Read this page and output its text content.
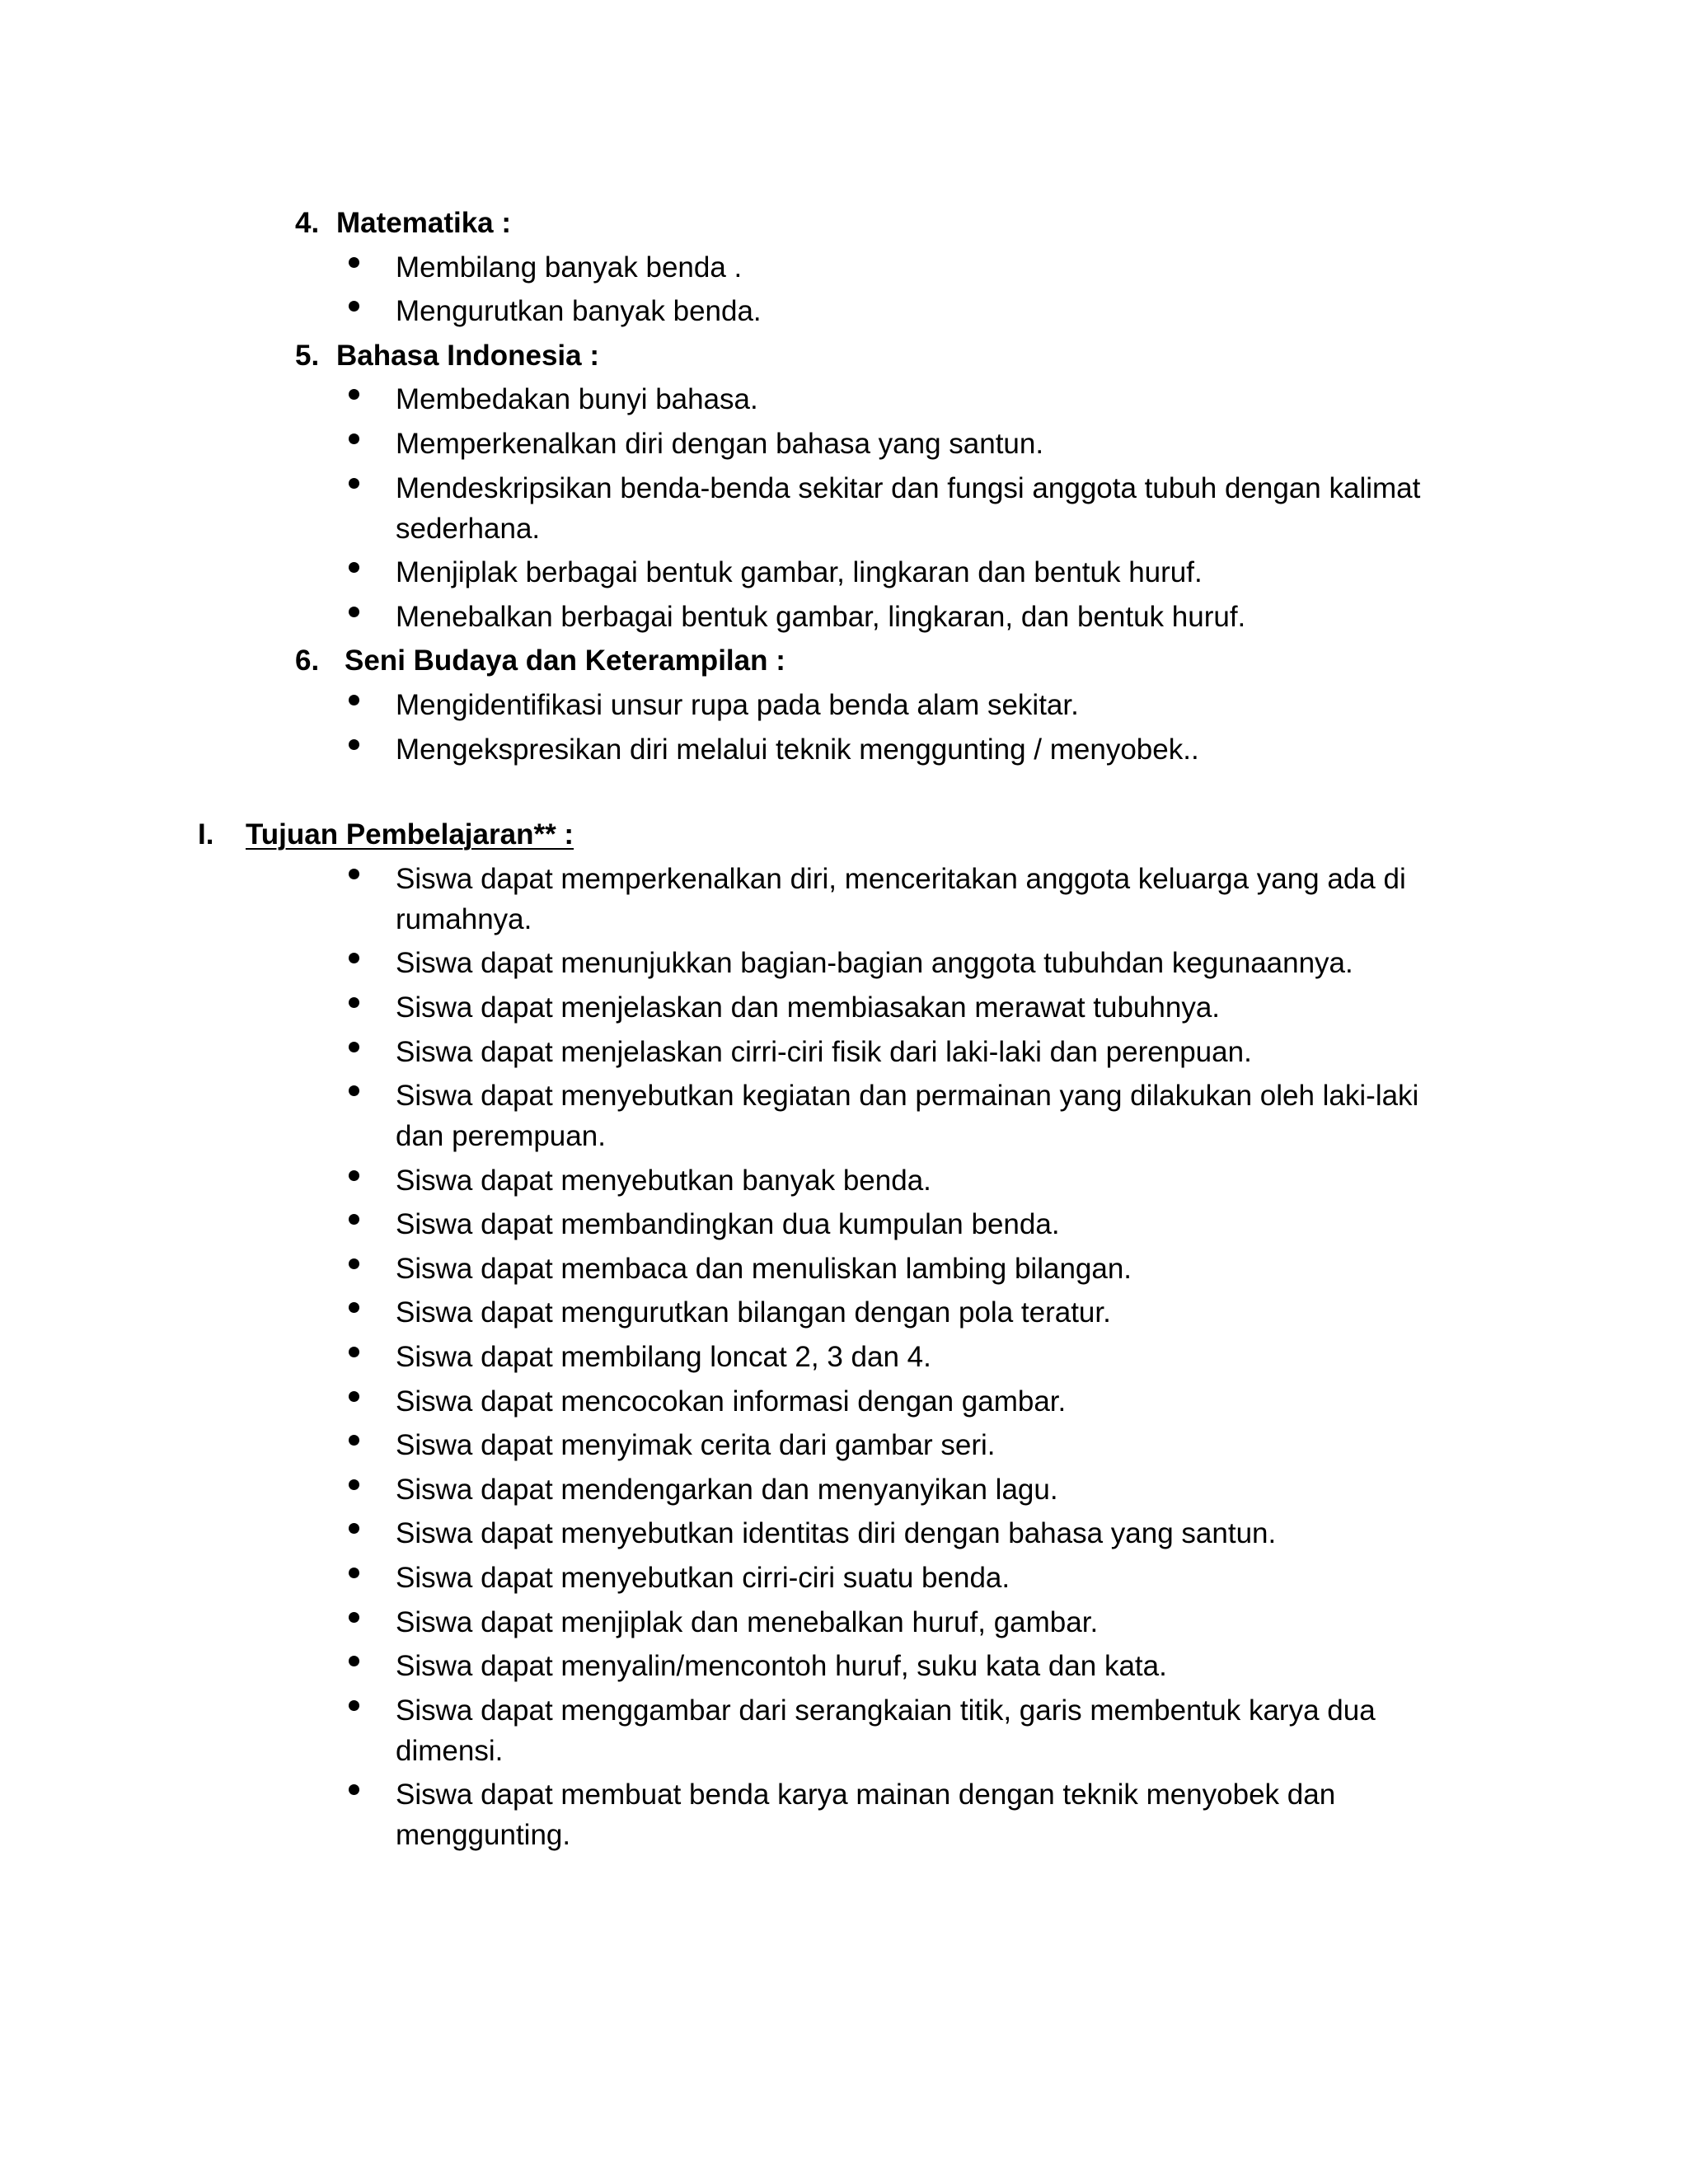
4. Matematika :
Membilang banyak benda .
Mengurutkan banyak benda.
5. Bahasa Indonesia :
Membedakan bunyi bahasa.
Memperkenalkan diri dengan bahasa yang santun.
Mendeskripsikan benda-benda sekitar dan fungsi anggota tubuh dengan kalimat sederhana.
Menjiplak berbagai bentuk gambar, lingkaran dan bentuk huruf.
Menebalkan berbagai bentuk gambar, lingkaran, dan bentuk huruf.
6. Seni Budaya dan Keterampilan :
Mengidentifikasi unsur rupa pada benda alam sekitar.
Mengekspresikan diri melalui teknik menggunting / menyobek..
I. Tujuan Pembelajaran** :
Siswa dapat memperkenalkan diri, menceritakan anggota keluarga yang ada di rumahnya.
Siswa dapat menunjukkan bagian-bagian anggota tubuhdan kegunaannya.
Siswa dapat menjelaskan dan membiasakan merawat tubuhnya.
Siswa dapat menjelaskan cirri-ciri fisik dari laki-laki dan perenpuan.
Siswa dapat menyebutkan kegiatan dan permainan yang dilakukan oleh laki-laki dan perempuan.
Siswa dapat menyebutkan banyak benda.
Siswa dapat membandingkan dua kumpulan benda.
Siswa dapat membaca dan menuliskan lambing bilangan.
Siswa dapat mengurutkan bilangan dengan pola teratur.
Siswa dapat membilang loncat 2, 3 dan 4.
Siswa dapat mencocokan informasi dengan gambar.
Siswa dapat menyimak cerita dari gambar seri.
Siswa dapat mendengarkan dan menyanyikan lagu.
Siswa dapat menyebutkan identitas diri dengan bahasa yang santun.
Siswa dapat menyebutkan cirri-ciri suatu benda.
Siswa dapat menjiplak dan menebalkan huruf, gambar.
Siswa dapat menyalin/mencontoh huruf, suku kata dan kata.
Siswa dapat menggambar dari serangkaian titik, garis membentuk karya dua dimensi.
Siswa dapat membuat benda karya mainan dengan teknik menyobek dan menggunting.
